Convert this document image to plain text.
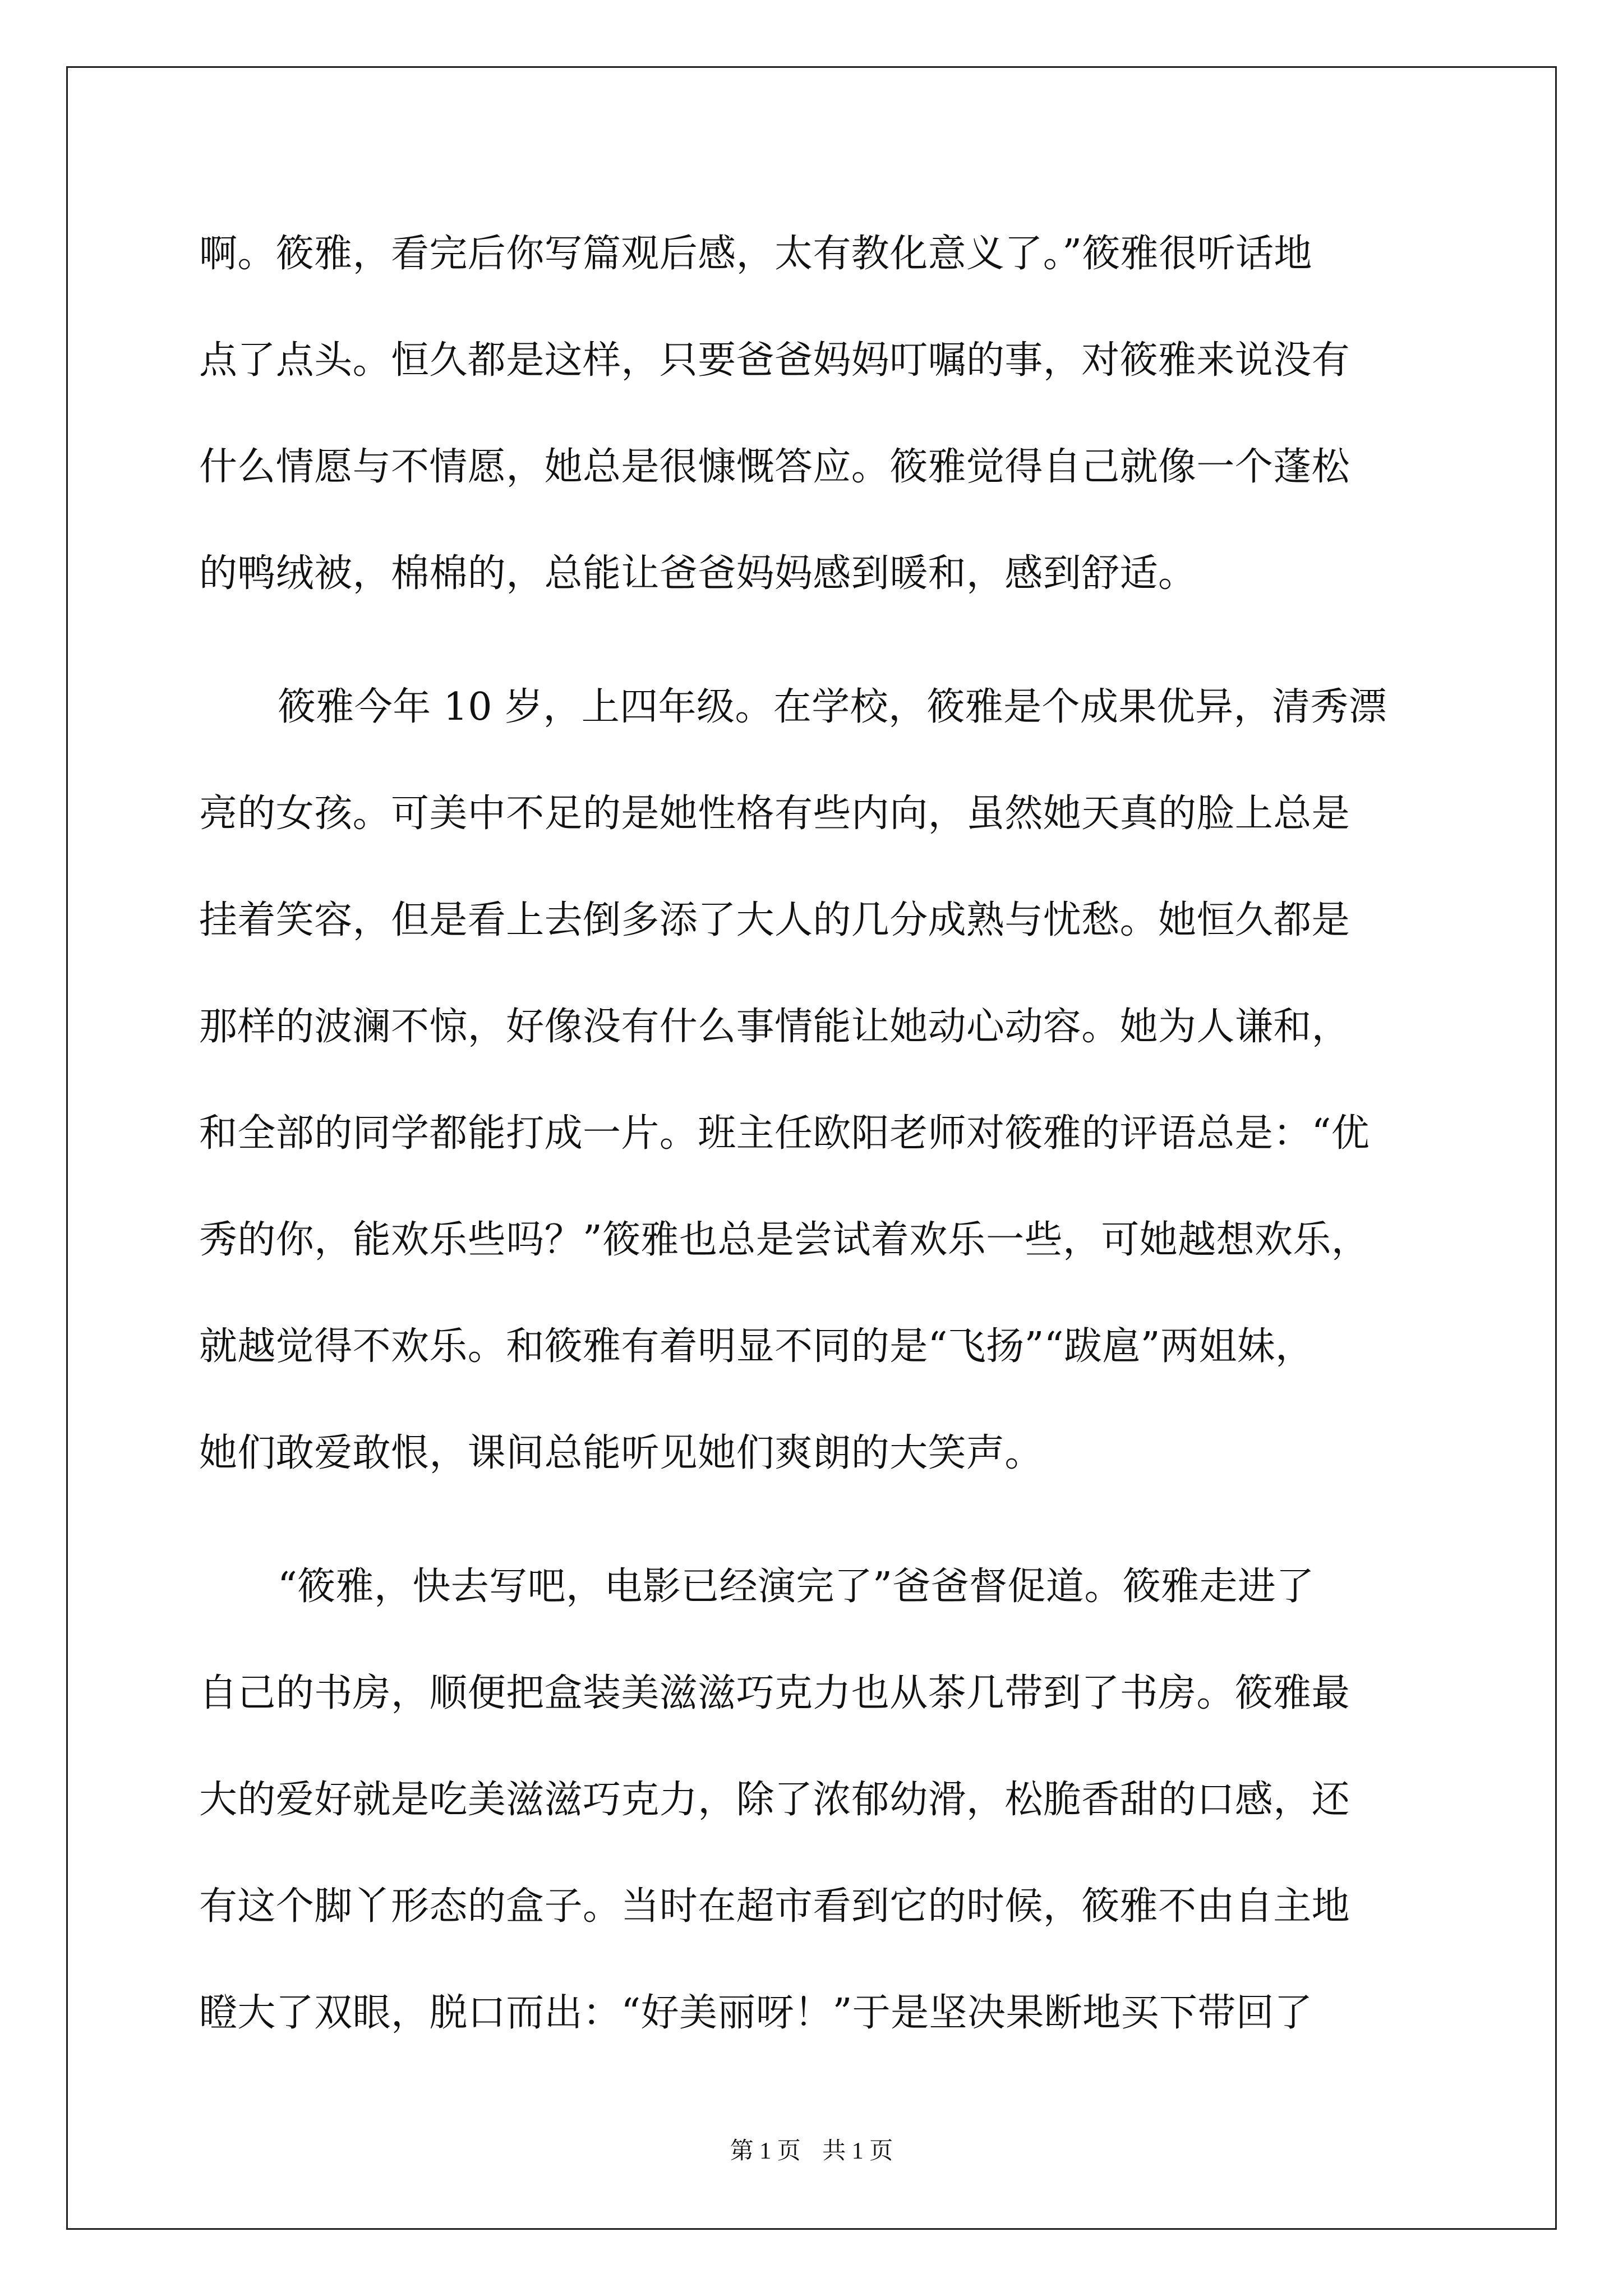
啊。筱雅，看完后你写篇观后感，太有教化意义了。”筱雅很听话地
点了点头。恒久都是这样，只要爸爸妈妈叮嘱的事，对筱雅来说没有
什么情愿与不情愿，她总是很慷慨答应。筱雅觉得自己就像一个蓬松
的鸭绒被，棉棉的，总能让爸爸妈妈感到暖和，感到舒适。
筱雅今年 10 岁，上四年级。在学校，筱雅是个成果优异，清秀漂
亮的女孩。可美中不足的是她性格有些内向，虽然她天真的脸上总是
挂着笑容，但是看上去倒多添了大人的几分成熟与忧愁。她恒久都是
那样的波澜不惊，好像没有什么事情能让她动心动容。她为人谦和，
和全部的同学都能打成一片。班主任欧阳老师对筱雅的评语总是：“优
秀的你，能欢乐些吗？”筱雅也总是尝试着欢乐一些，可她越想欢乐，
就越觉得不欢乐。和筱雅有着明显不同的是“飞扬”“跋扈”两姐妹，
她们敢爱敢恨，课间总能听见她们爽朗的大笑声。
“筱雅，快去写吧，电影已经演完了”爸爸督促道。筱雅走进了
自己的书房，顺便把盒装美滋滋巧克力也从茶几带到了书房。筱雅最
大的爱好就是吃美滋滋巧克力，除了浓郁幼滑，松脆香甜的口感，还
有这个脚丫形态的盒子。当时在超市看到它的时候，筱雅不由自主地
瞪大了双眼，脱口而出：“好美丽呀！”于是坚决果断地买下带回了
第 1 页 共 1 页
